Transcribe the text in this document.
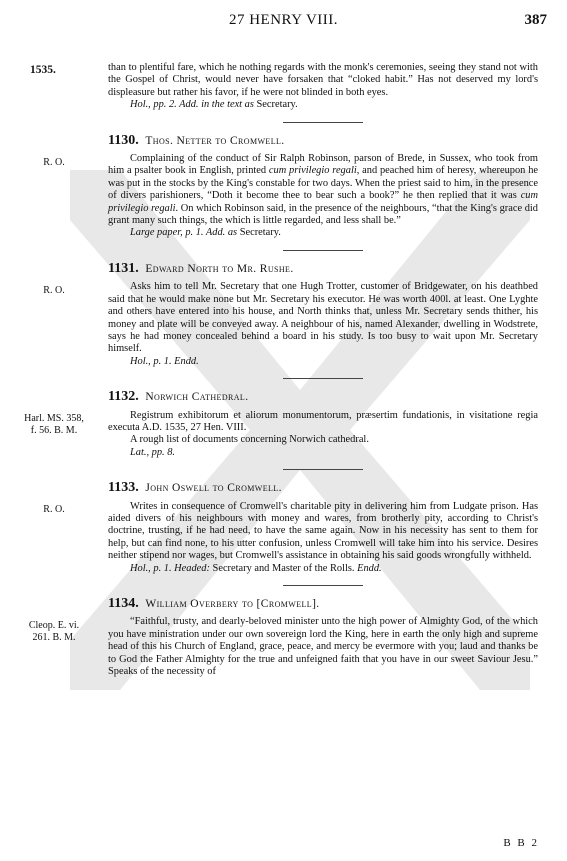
27 HENRY VIII.	387
1535.	than to plentiful fare, which he nothing regards with the monk's ceremonies, seeing they stand not with the Gospel of Christ, would never have forsaken that “cloked habit.” Has not deserved my lord's displeasure but rather his favor, if he were not blinded in both eyes.

Hol., pp. 2. Add. in the text as Secretary.

1130. Thos. Netter to Cromwell.
R. O.	Complaining of the conduct of Sir Ralph Robinson, parson of Brede, in Sussex, who took from him a psalter book in English, printed cum privilegio regali, and peached him of heresy, whereupon he was put in the stocks by the King's constable for two days. When the priest said to him, in the presence of divers parishioners, “Doth it become thee to bear such a book?” he then replied that it was cum privilegio regali. On which Robinson said, in the presence of the neighbours, “that the King's grace did grant many such things, the which is little regarded, and less shall be.”

Large paper, p. 1. Add. as Secretary.

1131. Edward North to Mr. Rushe.
R. O.	Asks him to tell Mr. Secretary that one Hugh Trotter, customer of Bridgewater, on his deathbed said that he would make none but Mr. Secretary his executor. He was worth 400l. at least. One Lyghte and others have entered into his house, and North thinks that, unless Mr. Secretary sends thither, his money and plate will be conveyed away. A neighbour of his, named Alexander, dwelling in Wodstrete, says he had money concealed behind a board in his study. Is too busy to wait upon Mr. Secretary himself.

Hol., p. 1. Endd.

1132. Norwich Cathedral.
Harl. MS. 358, f. 56. B. M.

Registrum exhibitorum et aliorum monumentorum, præsertim fundationis, in visitatione regia executa A.D. 1535, 27 Hen. VIII.

A rough list of documents concerning Norwich cathedral.

Lat., pp. 8.

1133. John Oswell to Cromwell.
R. O.	Writes in consequence of Cromwell's charitable pity in delivering him from Ludgate prison. Has aided divers of his neighbours with money and wares, from brotherly pity, according to Christ's doctrine, trusting, if he had need, to have the same again. Now in his necessity has sent to them for help, but can find none, to his utter confusion, unless Cromwell will take him into his service. Desires neither stipend nor wages, but Cromwell's assistance in obtaining his said goods wrongfully withheld.

Hol., p. 1. Headed: Secretary and Master of the Rolls. Endd.

1134. William Overbery to [Cromwell].
Cleop. E. vi. 261. B. M.

“Faithful, trusty, and dearly-beloved minister unto the high power of Almighty God, of the which you have ministration under our own sovereign lord the King, here in earth the only high and supreme head of this his Church of England, grace, peace, and mercy be evermore with you; laud and thanks be to God the Father Almighty for the true and unfeigned faith that you have in our sweet Saviour Jesu.” Speaks of the necessity of

B B 2
